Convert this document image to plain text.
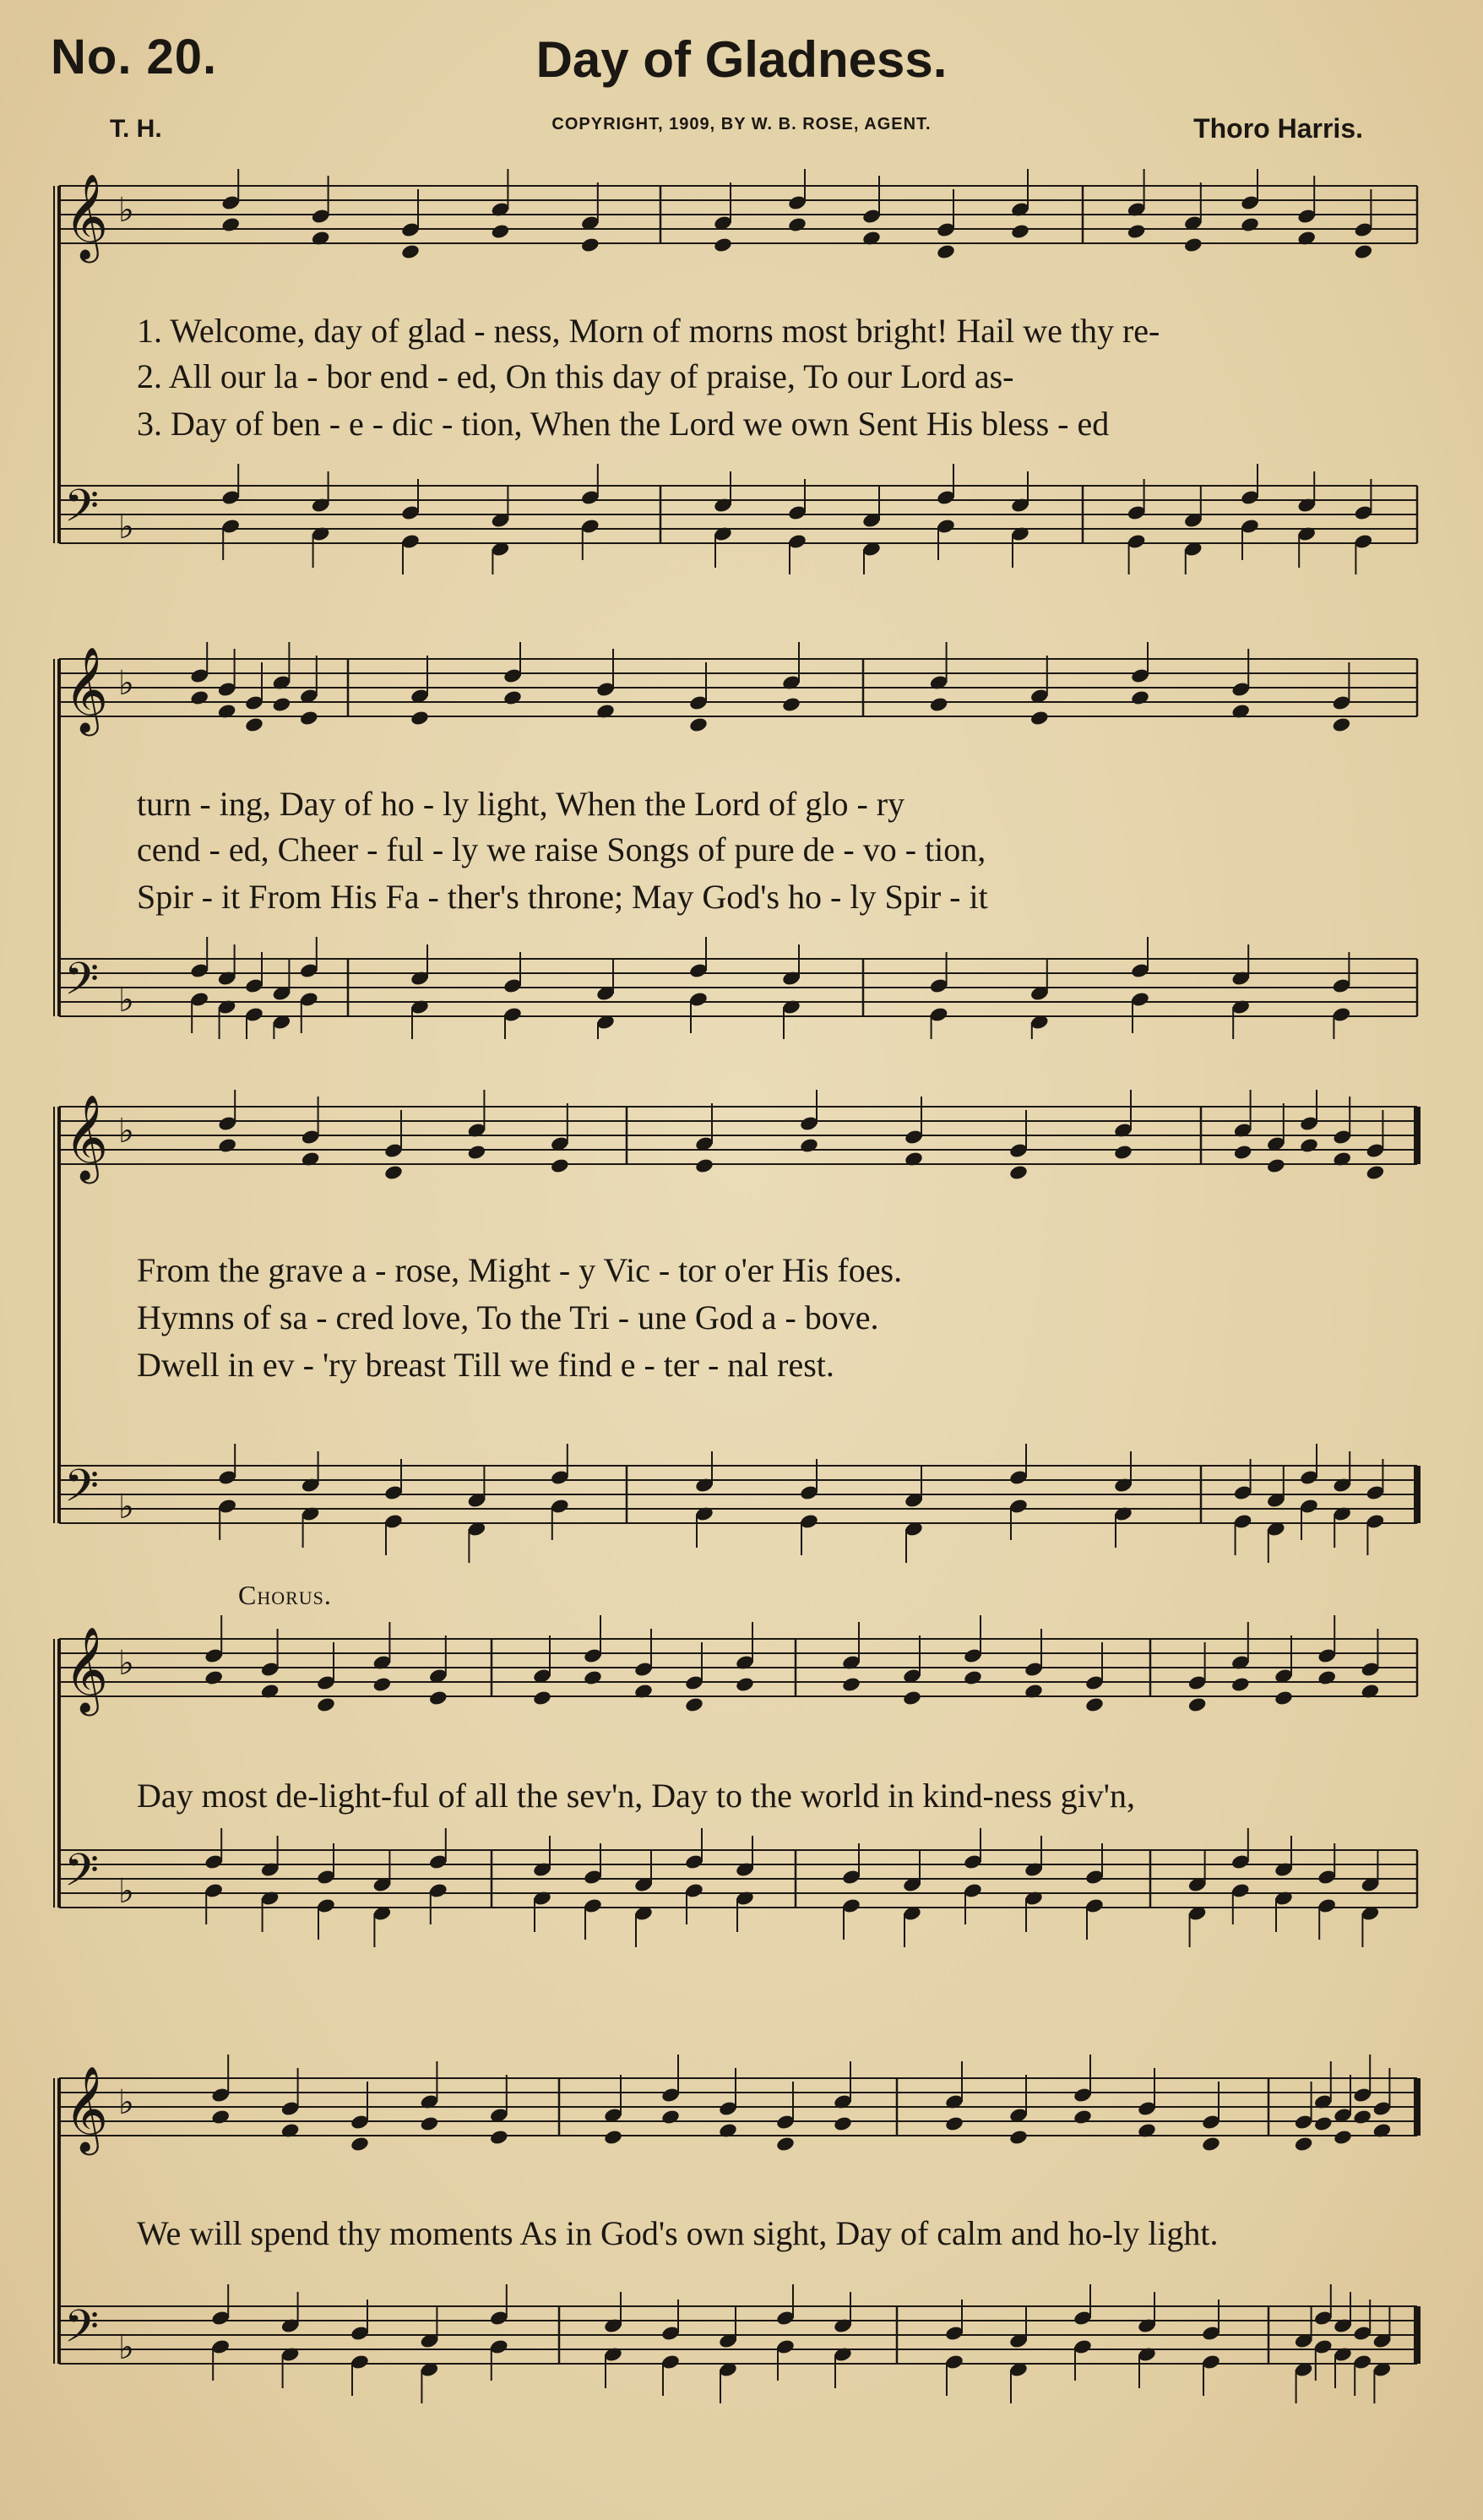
No. 20.	Day of Gladness.
T. H.	COPYRIGHT, 1909, BY W. B. ROSE, AGENT.	Thoro Harris.
𝄞 ♭
𝄢 ♭
1. Welcome, day of glad - ness, Morn of morns most bright! Hail we thy re-
2. All our la - bor end - ed, On this day of praise, To our Lord as-
3. Day of ben - e - dic - tion, When the Lord we own Sent His bless - ed
𝄞 ♭
𝄢 ♭
turn - ing, Day of ho - ly light, When the Lord of glo - ry
cend - ed, Cheer - ful - ly we raise Songs of pure de - vo - tion,
Spir - it From His Fa - ther's throne; May God's ho - ly Spir - it
𝄞 ♭
𝄢 ♭
From the grave a - rose, Might - y Vic - tor o'er His foes.
Hymns of sa - cred love, To the Tri - une God a - bove.
Dwell in ev - 'ry breast Till we find e - ter - nal rest.
Chorus.
𝄞 ♭
𝄢 ♭
Day most de-light-ful of all the sev'n, Day to the world in kind-ness giv'n,
𝄞 ♭
𝄢 ♭
We will spend thy moments As in God's own sight, Day of calm and ho-ly light.
